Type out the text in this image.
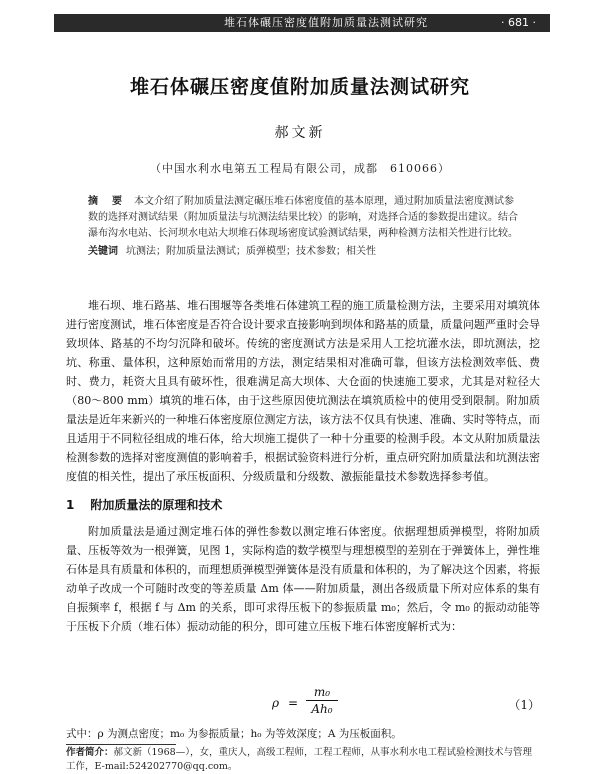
堆石体碾压密度值附加质量法测试研究	· 681 ·
堆石体碾压密度值附加质量法测试研究
郝文新
（中国水利水电第五工程局有限公司，成都　610066）
摘　要 本文介绍了附加质量法测定碾压堆石体密度值的基本原理，通过附加质量法密度测试参数的选择对测试结果（附加质量法与坑测法结果比较）的影响，对选择合适的参数提出建议。结合瀑布沟水电站、长河坝水电站大坝堆石体现场密度试验测试结果，两种检测方法相关性进行比较。
关键词 坑测法；附加质量法测试；质弹模型；技术参数；相关性
堆石坝、堆石路基、堆石围堰等各类堆石体建筑工程的施工质量检测方法，主要采用对填筑体进行密度测试，堆石体密度是否符合设计要求直接影响到坝体和路基的质量，质量问题严重时会导致坝体、路基的不均匀沉降和破坏。传统的密度测试方法是采用人工挖坑灌水法，即坑测法，挖坑、称重、量体积，这种原始而常用的方法，测定结果相对准确可靠，但该方法检测效率低、费时、费力，耗资大且具有破坏性，很难满足高大坝体、大仓面的快速施工要求，尤其是对粒径大（80～800 mm）填筑的堆石体，由于这些原因使坑测法在填筑质检中的使用受到限制。附加质量法是近年来新兴的一种堆石体密度原位测定方法，该方法不仅具有快速、准确、实时等特点，而且适用于不同粒径组成的堆石体，给大坝施工提供了一种十分重要的检测手段。本文从附加质量法检测参数的选择对密度测值的影响着手，根据试验资料进行分析，重点研究附加质量法和坑测法密度值的相关性，提出了承压板面积、分级质量和分级数、激振能量技术参数选择参考值。
1 附加质量法的原理和技术
附加质量法是通过测定堆石体的弹性参数以测定堆石体密度。依据理想质弹模型，将附加质量、压板等效为一根弹簧，见图 1，实际构造的数学模型与理想模型的差别在于弹簧体上，弹性堆石体是具有质量和体积的，而理想质弹模型弹簧体是没有质量和体积的，为了解决这个因素，将振动单子改成一个可随时改变的等差质量 Δm 体——附加质量，测出各级质量下所对应体系的集有自振频率 f，根据 f 与 Δm 的关系，即可求得压板下的参振质量 m₀；然后，令 m₀ 的振动动能等于压板下介质（堆石体）振动动能的积分，即可建立压板下堆石体密度解析式为：
ρ =
m₀
Ah₀	（1）
式中：ρ 为测点密度；m₀ 为参振质量；h₀ 为等效深度；A 为压板面积。
作者简介：郝文新（1968—），女，重庆人，高级工程师，工程工程师，从事水利水电工程试验检测技术与管理工作，E-mail:524202770@qq.com。
